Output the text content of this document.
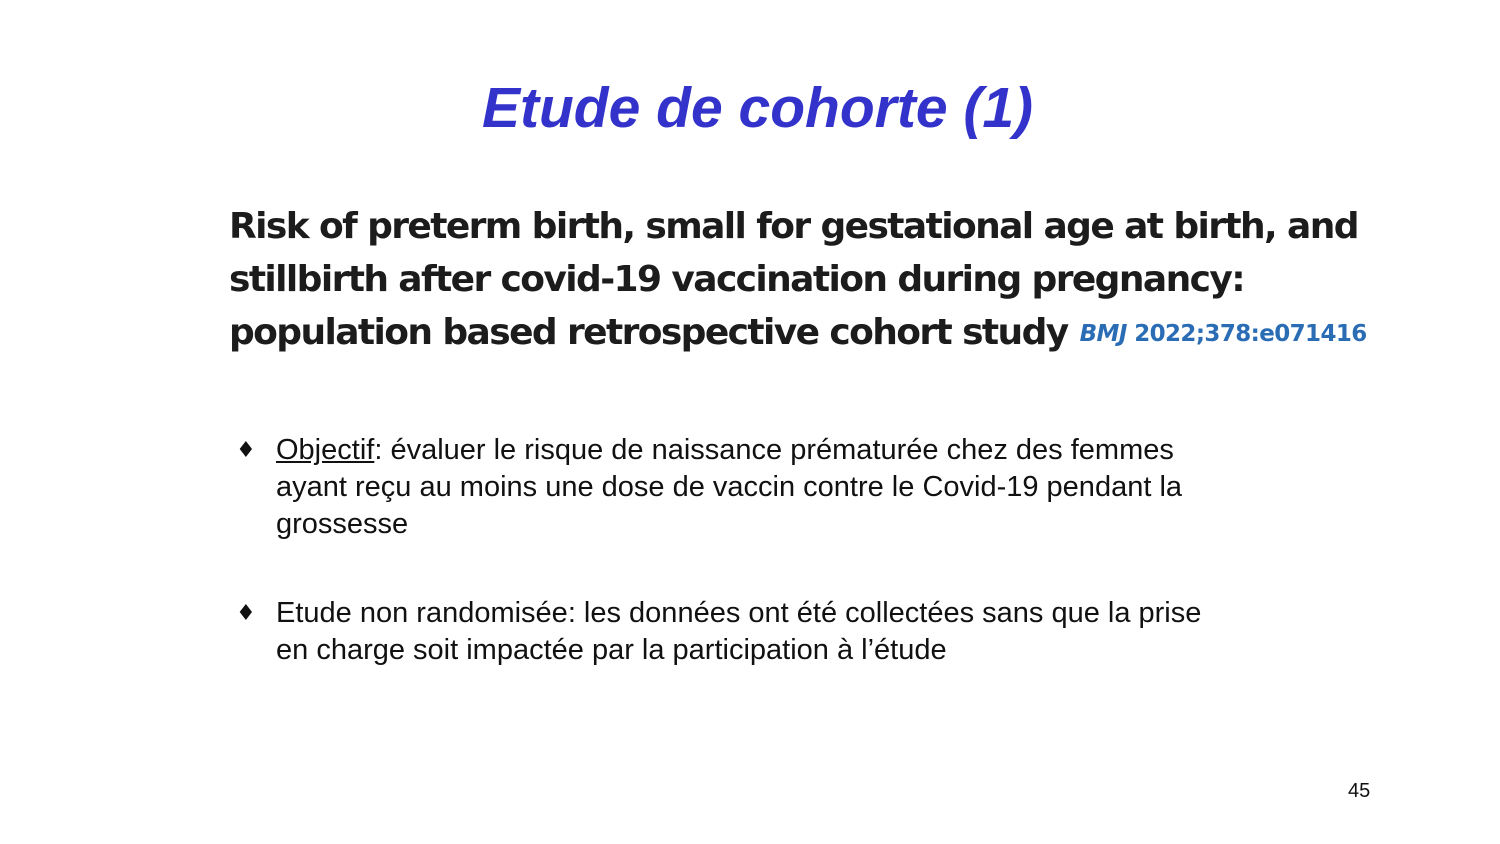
Etude de cohorte (1)
Risk of preterm birth, small for gestational age at birth, and
stillbirth after covid-19 vaccination during pregnancy:
population based retrospective cohort study BMJ 2022;378:e071416
♦ Objectif: évaluer le risque de naissance prématurée chez des femmes ayant reçu au moins une dose de vaccin contre le Covid-19 pendant la grossesse
♦ Etude non randomisée: les données ont été collectées sans que la prise en charge soit impactée par la participation à l’étude
45
